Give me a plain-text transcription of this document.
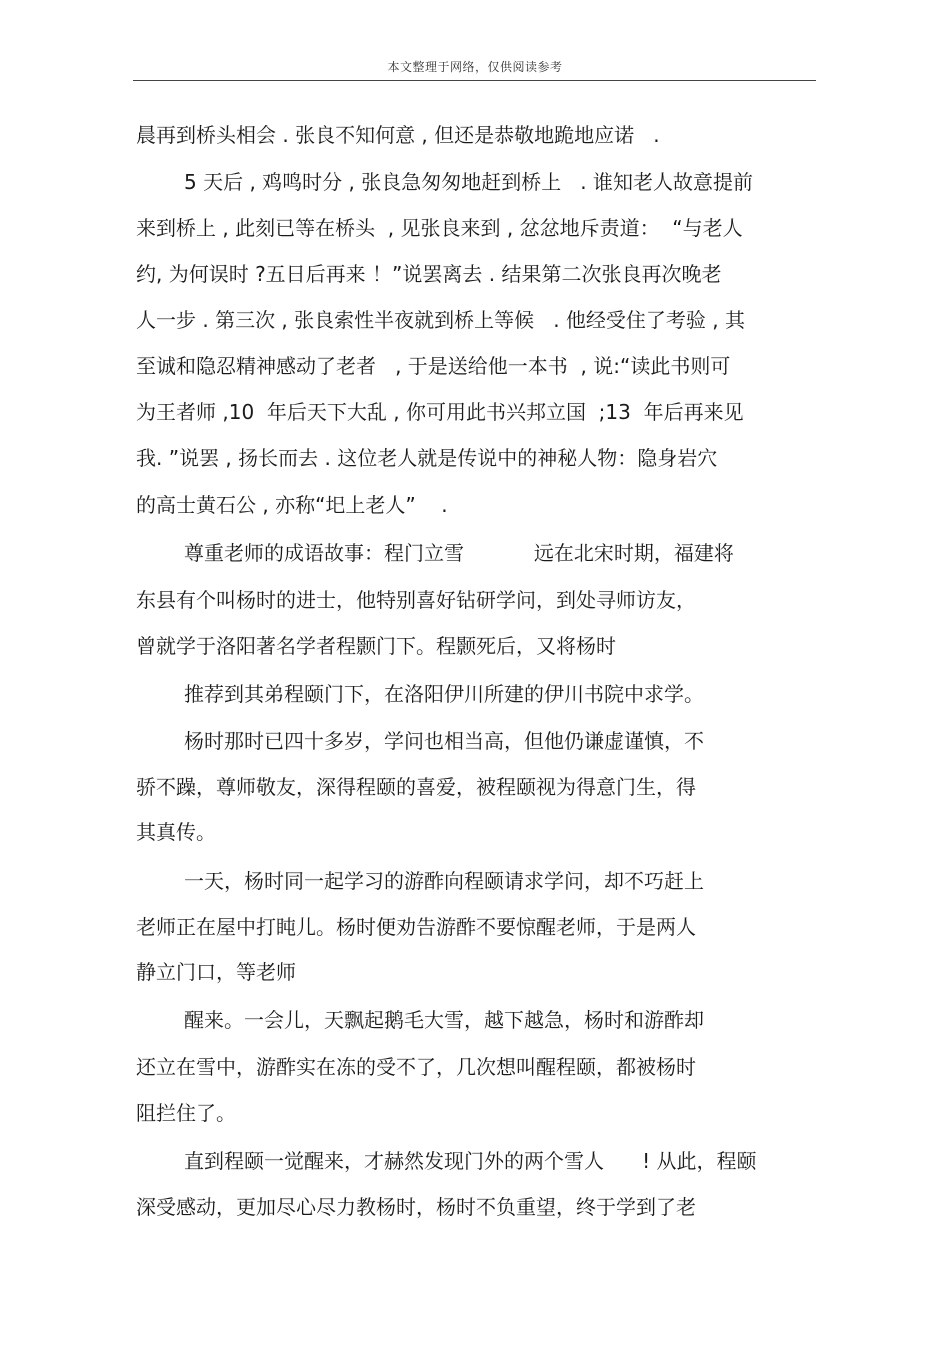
本文整理于网络，仅供阅读参考
晨再到桥头相会 . 张良不知何意 , 但还是恭敬地跪地应诺   .
5 天后 , 鸡鸣时分 , 张良急匆匆地赶到桥上   . 谁知老人故意提前
来到桥上 , 此刻已等在桥头  , 见张良来到 , 忿忿地斥责道：  “与老人
约, 为何误时 ?五日后再来 ！”说罢离去 . 结果第二次张良再次晚老
人一步 . 第三次 , 张良索性半夜就到桥上等候   . 他经受住了考验 , 其
至诚和隐忍精神感动了老者   , 于是送给他一本书  , 说:“读此书则可
为王者师 ,10  年后天下大乱 , 你可用此书兴邦立国  ;13  年后再来见
我. ”说罢 , 扬长而去 . 这位老人就是传说中的神秘人物：隐身岩穴
的高士黄石公 , 亦称“圯上老人”    .
尊重老师的成语故事：程门立雪           远在北宋时期，福建将
东县有个叫杨时的进士，他特别喜好钻研学问，到处寻师访友，
曾就学于洛阳著名学者程颢门下。程颢死后，又将杨时
推荐到其弟程颐门下，在洛阳伊川所建的伊川书院中求学。
杨时那时已四十多岁，学问也相当高，但他仍谦虚谨慎，不
骄不躁，尊师敬友，深得程颐的喜爱，被程颐视为得意门生，得
其真传。
一天，杨时同一起学习的游酢向程颐请求学问，却不巧赶上
老师正在屋中打盹儿。杨时便劝告游酢不要惊醒老师，于是两人
静立门口，等老师
醒来。一会儿，天飘起鹅毛大雪，越下越急，杨时和游酢却
还立在雪中，游酢实在冻的受不了，几次想叫醒程颐，都被杨时
阻拦住了。
直到程颐一觉醒来，才赫然发现门外的两个雪人      ! 从此，程颐
深受感动，更加尽心尽力教杨时，杨时不负重望，终于学到了老
